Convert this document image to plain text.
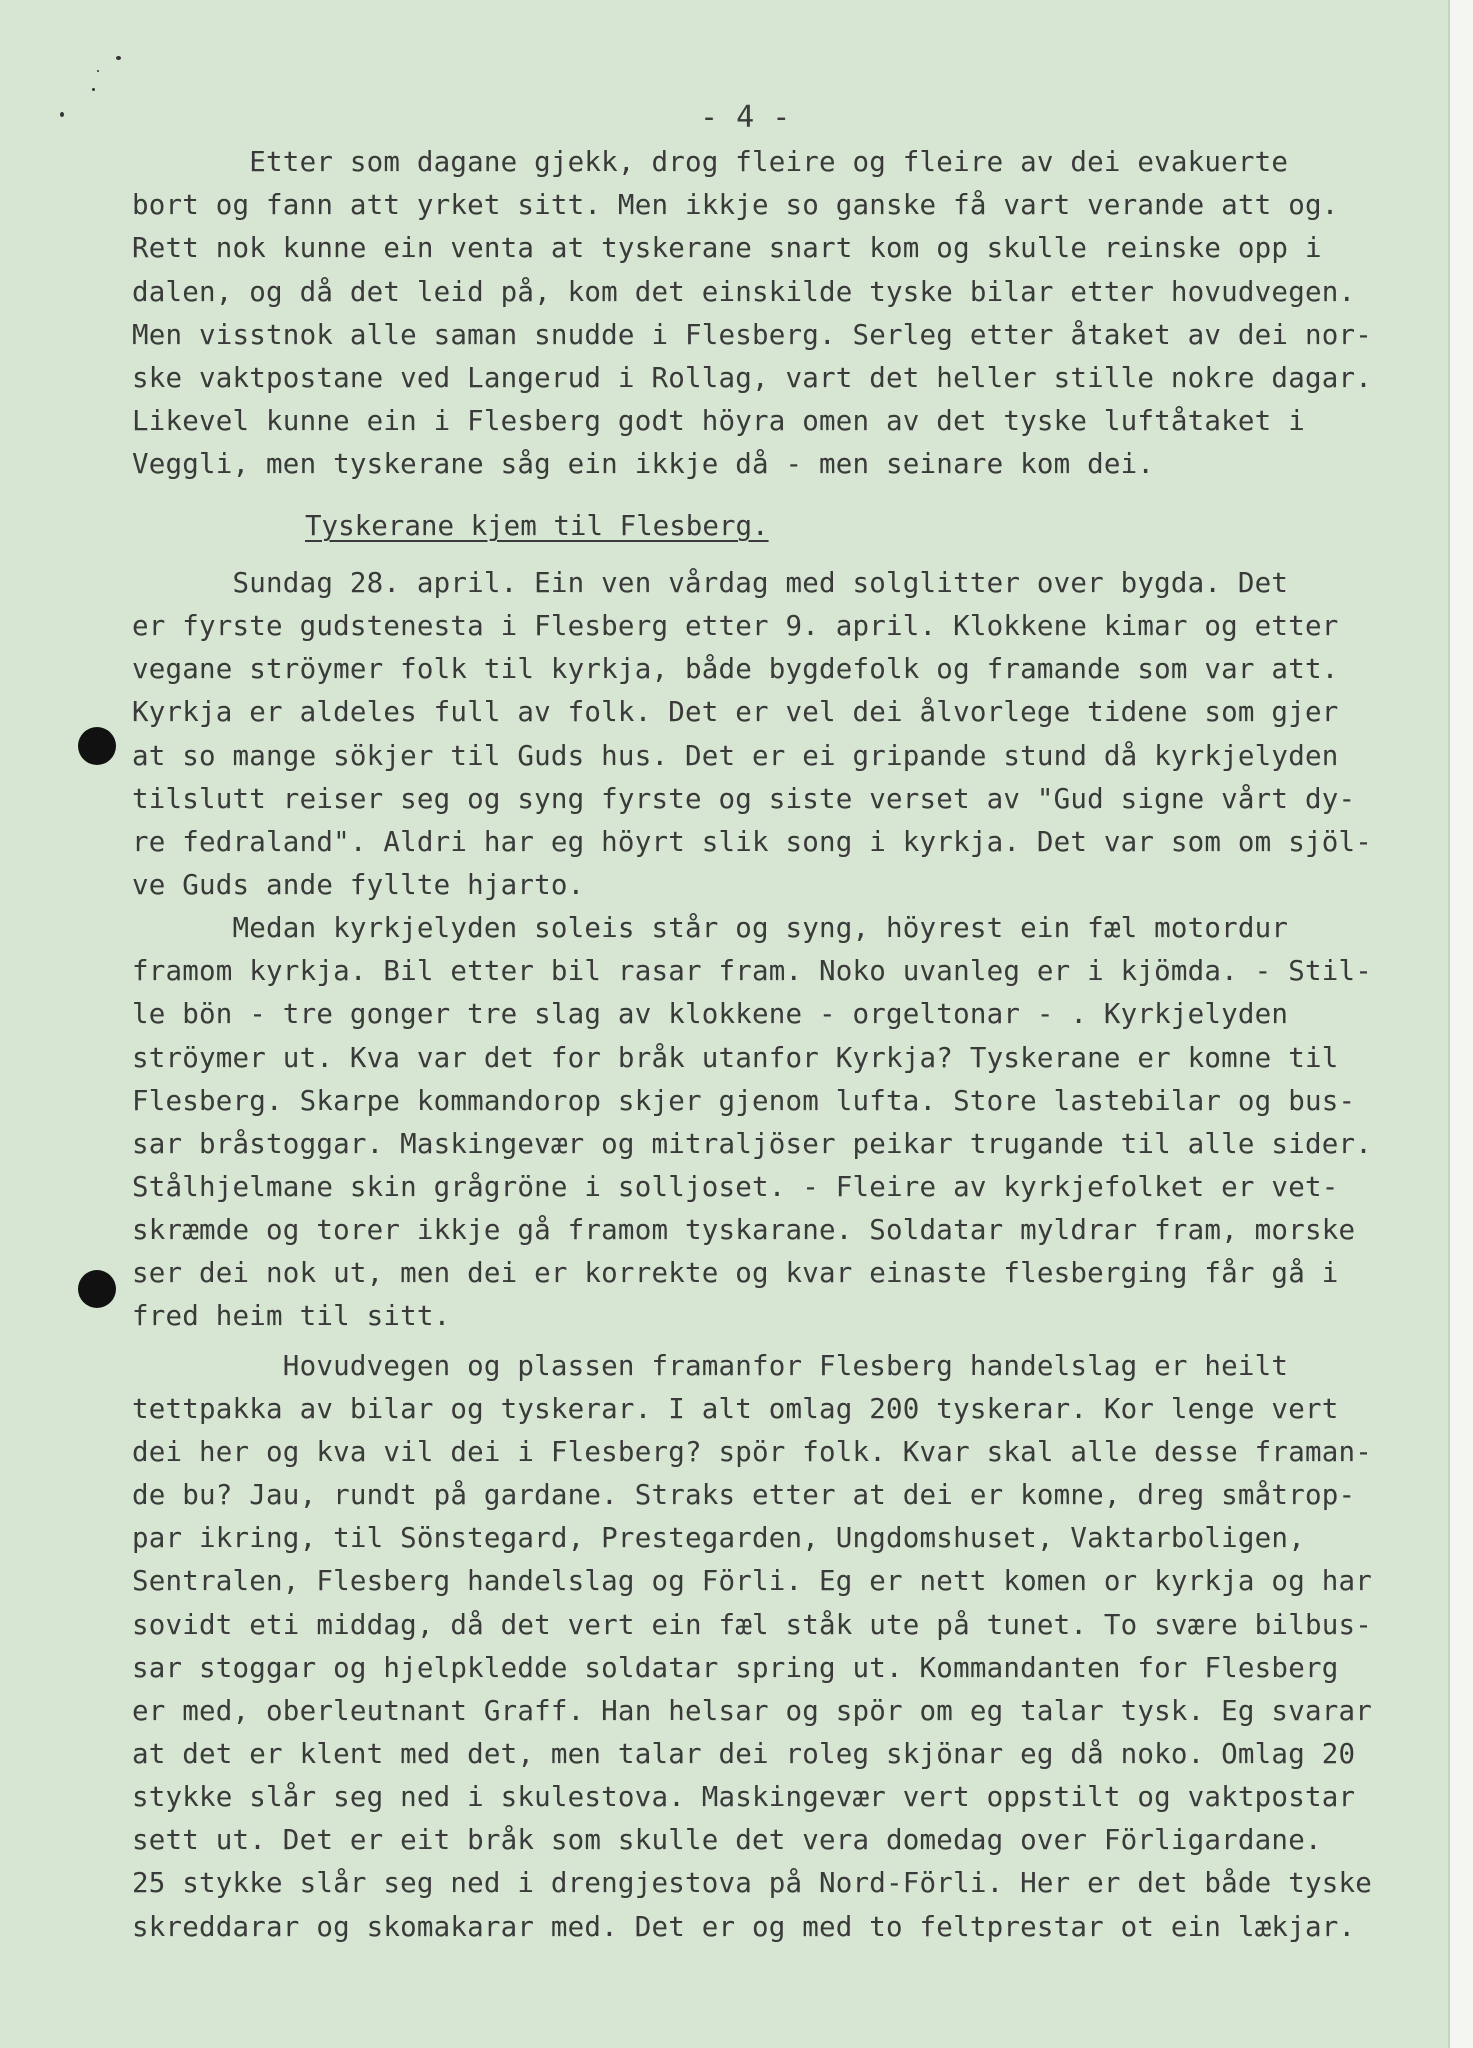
- 4 -
Etter som dagane gjekk, drog fleire og fleire av dei evakuerte
bort og fann att yrket sitt. Men ikkje so ganske få vart verande att og.
Rett nok kunne ein venta at tyskerane snart kom og skulle reinske opp i
dalen, og då det leid på, kom det einskilde tyske bilar etter hovudvegen.
Men visstnok alle saman snudde i Flesberg. Serleg etter åtaket av dei nor-
ske vaktpostane ved Langerud i Rollag, vart det heller stille nokre dagar.
Likevel kunne ein i Flesberg godt höyra omen av det tyske luftåtaket i
Veggli, men tyskerane såg ein ikkje då - men seinare kom dei.
Tyskerane kjem til Flesberg.
Sundag 28. april. Ein ven vårdag med solglitter over bygda. Det
er fyrste gudstenesta i Flesberg etter 9. april. Klokkene kimar og etter
vegane ströymer folk til kyrkja, både bygdefolk og framande som var att.
Kyrkja er aldeles full av folk. Det er vel dei ålvorlege tidene som gjer
at so mange sökjer til Guds hus. Det er ei gripande stund då kyrkjelyden
tilslutt reiser seg og syng fyrste og siste verset av "Gud signe vårt dy-
re fedraland". Aldri har eg höyrt slik song i kyrkja. Det var som om sjöl-
ve Guds ande fyllte hjarto.
Medan kyrkjelyden soleis står og syng, höyrest ein fæl motordur
framom kyrkja. Bil etter bil rasar fram. Noko uvanleg er i kjömda. - Stil-
le bön - tre gonger tre slag av klokkene - orgeltonar - . Kyrkjelyden
ströymer ut. Kva var det for bråk utanfor Kyrkja? Tyskerane er komne til
Flesberg. Skarpe kommandorop skjer gjenom lufta. Store lastebilar og bus-
sar bråstoggar. Maskingevær og mitraljöser peikar trugande til alle sider.
Stålhjelmane skin grågröne i solljoset. - Fleire av kyrkjefolket er vet-
skræmde og torer ikkje gå framom tyskarane. Soldatar myldrar fram, morske
ser dei nok ut, men dei er korrekte og kvar einaste flesberging får gå i
fred heim til sitt.
Hovudvegen og plassen framanfor Flesberg handelslag er heilt
tettpakka av bilar og tyskerar. I alt omlag 200 tyskerar. Kor lenge vert
dei her og kva vil dei i Flesberg? spör folk. Kvar skal alle desse framan-
de bu? Jau, rundt på gardane. Straks etter at dei er komne, dreg småtrop-
par ikring, til Sönstegard, Prestegarden, Ungdomshuset, Vaktarboligen,
Sentralen, Flesberg handelslag og Förli. Eg er nett komen or kyrkja og har
sovidt eti middag, då det vert ein fæl ståk ute på tunet. To svære bilbus-
sar stoggar og hjelpkledde soldatar spring ut. Kommandanten for Flesberg
er med, oberleutnant Graff. Han helsar og spör om eg talar tysk. Eg svarar
at det er klent med det, men talar dei roleg skjönar eg då noko. Omlag 20
stykke slår seg ned i skulestova. Maskingevær vert oppstilt og vaktpostar
sett ut. Det er eit bråk som skulle det vera domedag over Förligardane.
25 stykke slår seg ned i drengjestova på Nord-Förli. Her er det både tyske
skreddarar og skomakarar med. Det er og med to feltprestar ot ein lækjar.
